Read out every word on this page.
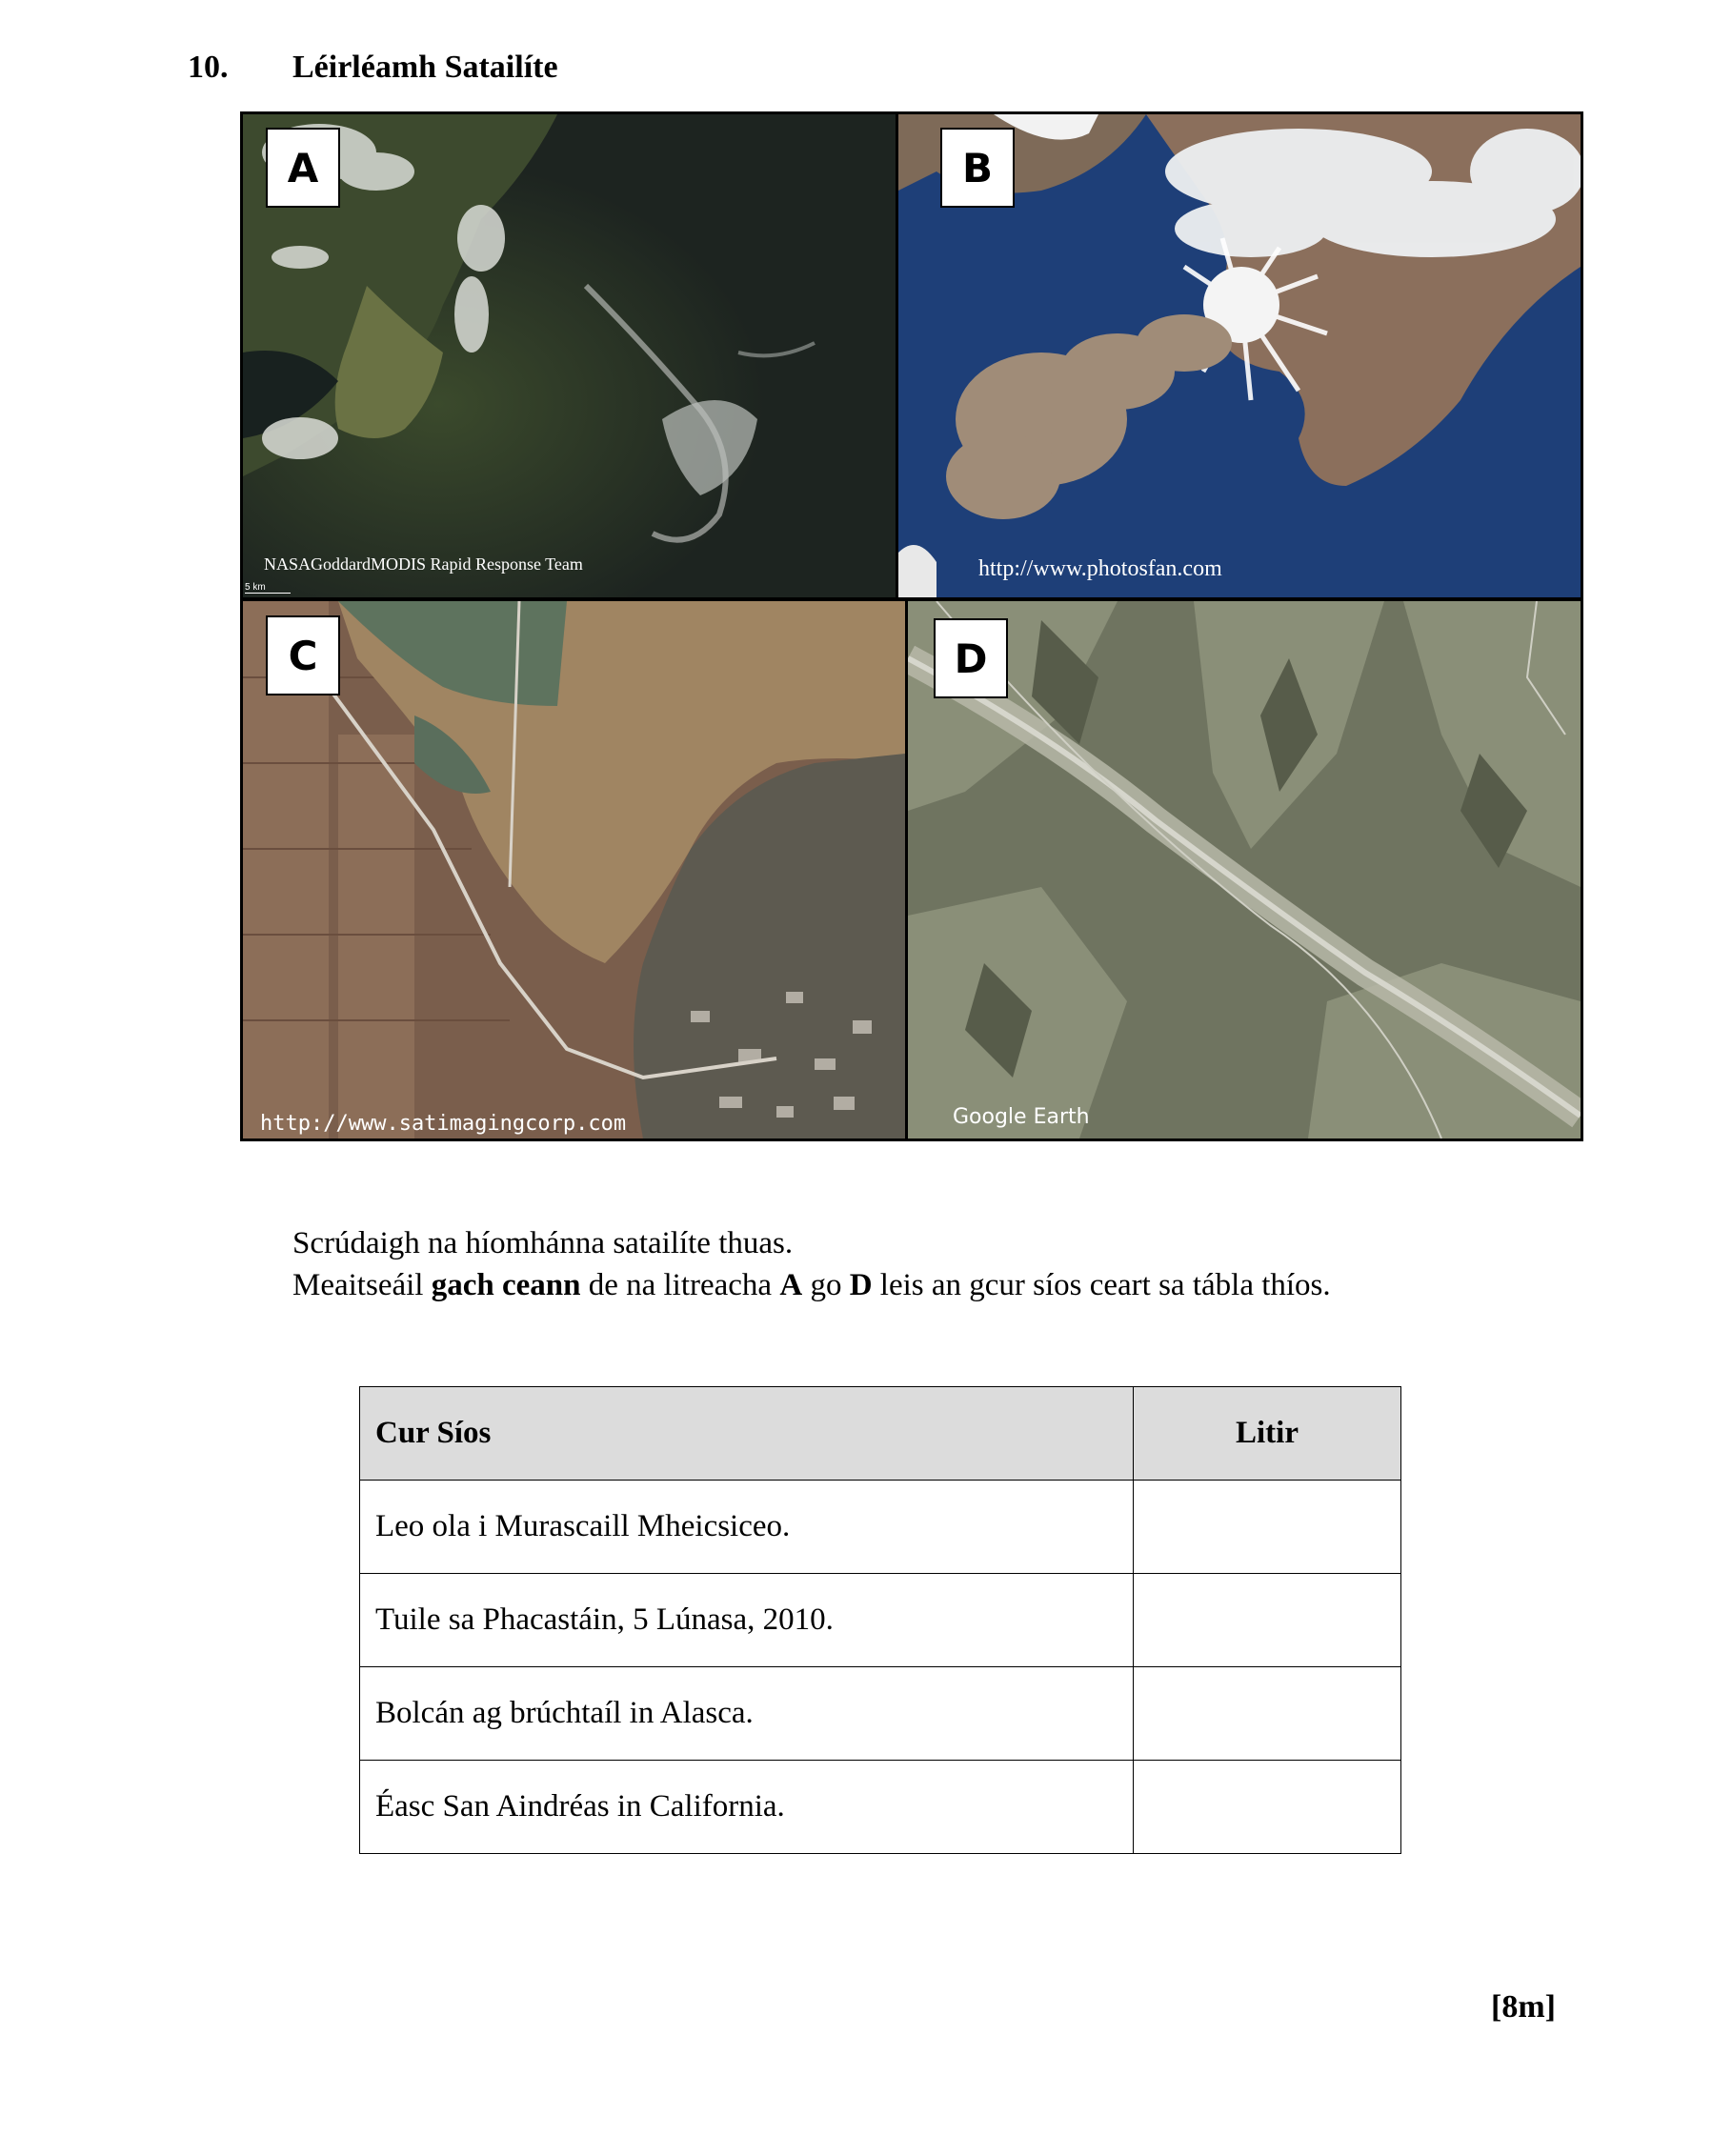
10. Léirléamh Satailíte
A
NASAGoddardMODIS Rapid Response Team
5 km
B
http://www.photosfan.com
C
http://www.satimagingcorp.com
D
Google Earth
Scrúdaigh na híomhánna satailíte thuas.
Meaitseáil gach ceann de na litreacha A go D leis an gcur síos ceart sa tábla thíos.
Cur Síos	Litir
Leo ola i Murascaill Mheicsiceo.	
Tuile sa Phacastáin, 5 Lúnasa, 2010.	
Bolcán ag brúchtaíl in Alasca.	
Éasc San Aindréas in California.	
[8m]
